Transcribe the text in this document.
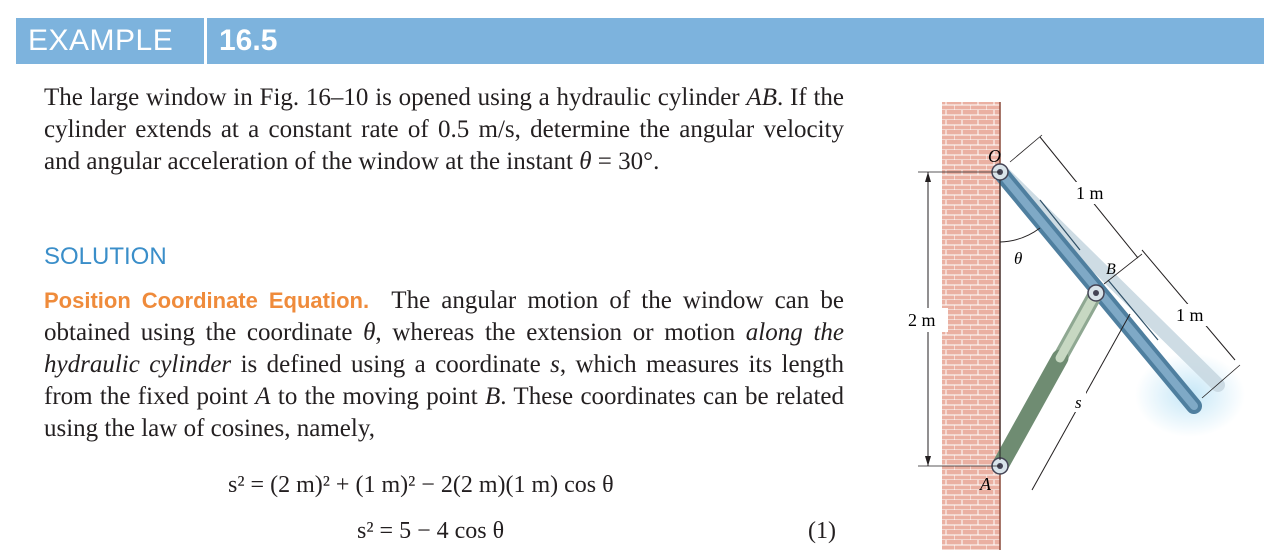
EXAMPLE	16.5
The large window in Fig. 16–10 is opened using a hydraulic cylinder AB. If the cylinder extends at a constant rate of 0.5 m/s, determine the angular velocity and angular acceleration of the window at the instant θ = 30°.
SOLUTION
Position Coordinate Equation.  The angular motion of the window can be obtained using the coordinate θ, whereas the extension or motion along the hydraulic cylinder is defined using a coordinate s, which measures its length from the fixed point A to the moving point B. These coordinates can be related using the law of cosines, namely,
s² = (2 m)² + (1 m)² − 2(2 m)(1 m) cos θ
s² = 5 − 4 cos θ	(1)
O
B
A
θ
s
2 m
1 m
1 m
